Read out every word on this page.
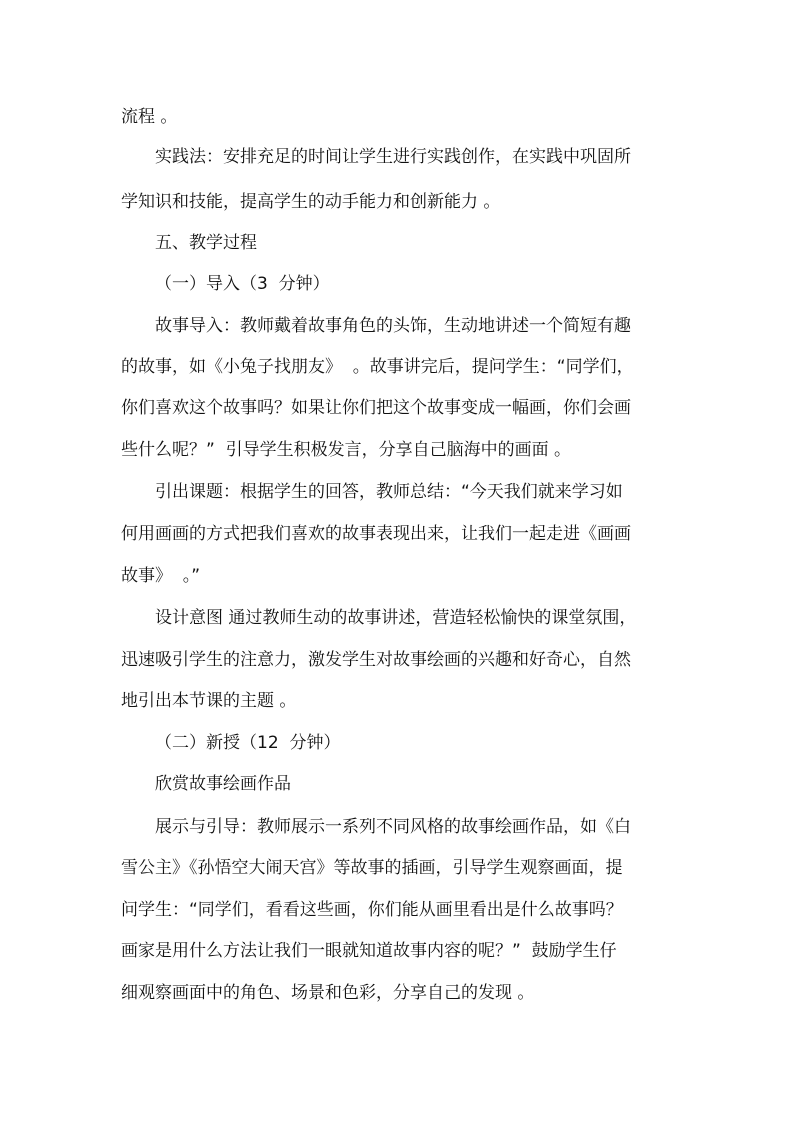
流程 。
实践法：安排充足的时间让学生进行实践创作，在实践中巩固所
学知识和技能，提高学生的动手能力和创新能力 。
五、教学过程
（一）导入（3  分钟）
故事导入：教师戴着故事角色的头饰，生动地讲述一个简短有趣
的故事，如《小兔子找朋友》  。故事讲完后，提问学生：“同学们，
你们喜欢这个故事吗？如果让你们把这个故事变成一幅画，你们会画
些什么呢？”  引导学生积极发言，分享自己脑海中的画面 。
引出课题：根据学生的回答，教师总结：“今天我们就来学习如
何用画画的方式把我们喜欢的故事表现出来，让我们一起走进《画画
故事》  。”
设计意图 通过教师生动的故事讲述，营造轻松愉快的课堂氛围，
迅速吸引学生的注意力，激发学生对故事绘画的兴趣和好奇心，自然
地引出本节课的主题 。
（二）新授（12  分钟）
欣赏故事绘画作品
展示与引导：教师展示一系列不同风格的故事绘画作品，如《白
雪公主》《孙悟空大闹天宫》等故事的插画，引导学生观察画面，提
问学生：“同学们，看看这些画，你们能从画里看出是什么故事吗？
画家是用什么方法让我们一眼就知道故事内容的呢？”  鼓励学生仔
细观察画面中的角色、场景和色彩，分享自己的发现 。
